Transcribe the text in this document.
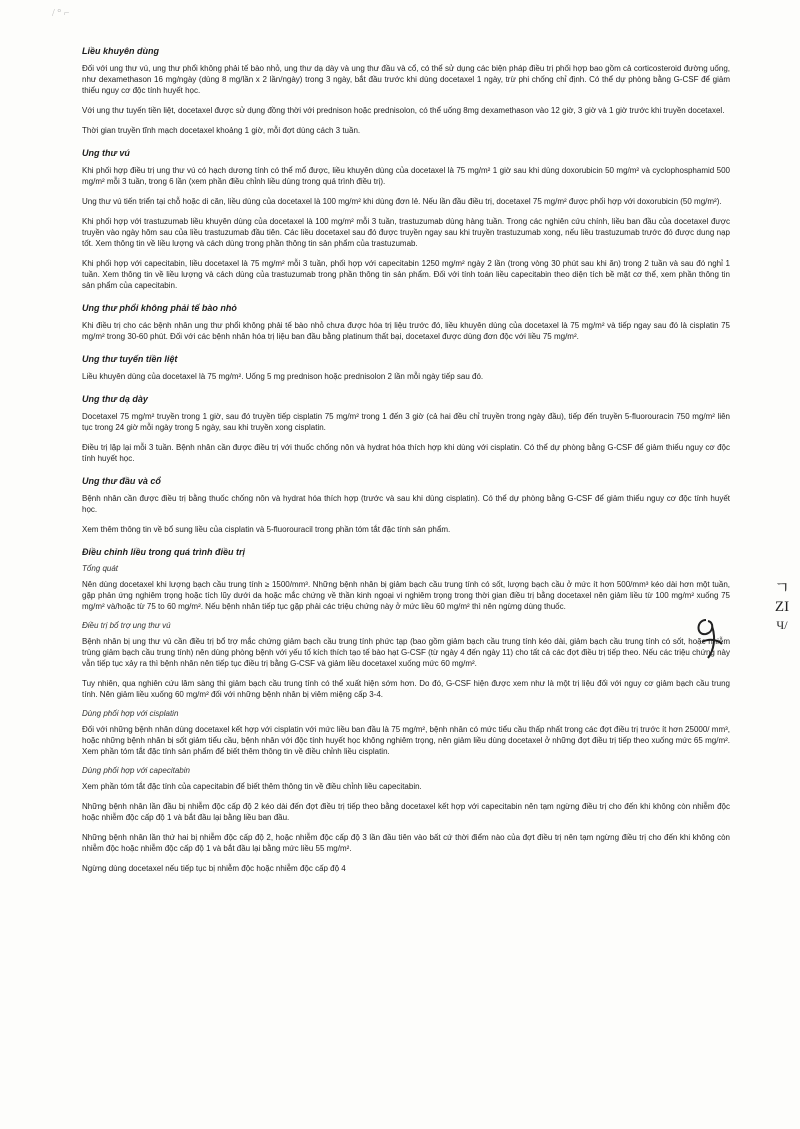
/ ° ⌐
ㄱ
ZI
Ч/
Liều khuyên dùng
Đối với ung thư vú, ung thư phổi không phải tế bào nhỏ, ung thư dạ dày và ung thư đầu và cổ, có thể sử dụng các biện pháp điều trị phối hợp bao gồm cả corticosteroid đường uống, như dexamethason 16 mg/ngày (dùng 8 mg/lần x 2 lần/ngày) trong 3 ngày, bắt đầu trước khi dùng docetaxel 1 ngày, trừ phi chống chỉ định. Có thể dự phòng bằng G-CSF để giảm thiểu nguy cơ độc tính huyết học.
Với ung thư tuyến tiền liệt, docetaxel được sử dụng đồng thời với prednison hoặc prednisolon, có thể uống 8mg dexamethason vào 12 giờ, 3 giờ và 1 giờ trước khi truyền docetaxel.
Thời gian truyền tĩnh mạch docetaxel khoảng 1 giờ, mỗi đợt dùng cách 3 tuần.
Ung thư vú
Khi phối hợp điều trị ung thư vú có hạch dương tính có thể mổ được, liều khuyên dùng của docetaxel là 75 mg/m² 1 giờ sau khi dùng doxorubicin 50 mg/m² và cyclophosphamid 500 mg/m² mỗi 3 tuần, trong 6 lần (xem phần điều chỉnh liều dùng trong quá trình điều trị).
Ung thư vú tiến triển tại chỗ hoặc di căn, liều dùng của docetaxel là 100 mg/m² khi dùng đơn lẻ. Nếu lần đầu điều trị, docetaxel 75 mg/m² được phối hợp với doxorubicin (50 mg/m²).
Khi phối hợp với trastuzumab liều khuyên dùng của docetaxel là 100 mg/m² mỗi 3 tuần, trastuzumab dùng hàng tuần. Trong các nghiên cứu chính, liều ban đầu của docetaxel được truyền vào ngày hôm sau của liều trastuzumab đầu tiên. Các liều docetaxel sau đó được truyền ngay sau khi truyền trastuzumab xong, nếu liều trastuzumab trước đó được dung nạp tốt. Xem thông tin về liều lượng và cách dùng trong phần thông tin sản phẩm của trastuzumab.
Khi phối hợp với capecitabin, liều docetaxel là 75 mg/m² mỗi 3 tuần, phối hợp với capecitabin 1250 mg/m² ngày 2 lần (trong vòng 30 phút sau khi ăn) trong 2 tuần và sau đó nghỉ 1 tuần. Xem thông tin về liều lượng và cách dùng của trastuzumab trong phần thông tin sản phẩm. Đối với tính toán liều capecitabin theo diện tích bề mặt cơ thể, xem phần thông tin sản phẩm của capecitabin.
Ung thư phổi không phải tế bào nhỏ
Khi điều trị cho các bệnh nhân ung thư phổi không phải tế bào nhỏ chưa được hóa trị liệu trước đó, liều khuyên dùng của docetaxel là 75 mg/m² và tiếp ngay sau đó là cisplatin 75 mg/m² trong 30-60 phút. Đối với các bệnh nhân hóa trị liệu ban đầu bằng platinum thất bại, docetaxel được dùng đơn độc với liều 75 mg/m².
Ung thư tuyến tiền liệt
Liều khuyên dùng của docetaxel là 75 mg/m². Uống 5 mg prednison hoặc prednisolon 2 lần mỗi ngày tiếp sau đó.
Ung thư dạ dày
Docetaxel 75 mg/m² truyền trong 1 giờ, sau đó truyền tiếp cisplatin 75 mg/m² trong 1 đến 3 giờ (cả hai đều chỉ truyền trong ngày đầu), tiếp đến truyền 5-fluorouracin 750 mg/m² liên tục trong 24 giờ mỗi ngày trong 5 ngày, sau khi truyền xong cisplatin.
Điều trị lặp lại mỗi 3 tuần. Bệnh nhân cần được điều trị với thuốc chống nôn và hydrat hóa thích hợp khi dùng với cisplatin. Có thể dự phòng bằng G-CSF để giảm thiểu nguy cơ độc tính huyết học.
Ung thư đầu và cổ
Bệnh nhân cần được điều trị bằng thuốc chống nôn và hydrat hóa thích hợp (trước và sau khi dùng cisplatin). Có thể dự phòng bằng G-CSF để giảm thiểu nguy cơ độc tính huyết học.
Xem thêm thông tin về bổ sung liều của cisplatin và 5-fluorouracil trong phần tóm tắt đặc tính sản phẩm.
Điều chỉnh liều trong quá trình điều trị
Tổng quát
Nên dùng docetaxel khi lượng bạch cầu trung tính ≥ 1500/mm³. Những bệnh nhân bị giảm bạch cầu trung tính có sốt, lượng bạch cầu ở mức ít hơn 500/mm³ kéo dài hơn một tuần, gặp phản ứng nghiêm trọng hoặc tích lũy dưới da hoặc mắc chứng về thần kinh ngoại vi nghiêm trọng trong thời gian điều trị bằng docetaxel nên giảm liều từ 100 mg/m² xuống 75 mg/m² và/hoặc từ 75 to 60 mg/m². Nếu bệnh nhân tiếp tục gặp phải các triệu chứng này ở mức liều 60 mg/m² thì nên ngừng dùng thuốc.
Điều trị bổ trợ ung thư vú
Bệnh nhân bị ung thư vú cần điều trị bổ trợ mắc chứng giảm bạch cầu trung tính phức tạp (bao gồm giảm bạch cầu trung tính kéo dài, giảm bạch cầu trung tính có sốt, hoặc nhiễm trùng giảm bạch cầu trung tính) nên dùng phòng bệnh với yếu tố kích thích tạo tế bào hạt G-CSF (từ ngày 4 đến ngày 11) cho tất cả các đợt điều trị tiếp theo. Nếu các triệu chứng này vẫn tiếp tục xảy ra thì bệnh nhân nên tiếp tục điều trị bằng G-CSF và giảm liều docetaxel xuống mức 60 mg/m².
Tuy nhiên, qua nghiên cứu lâm sàng thì giảm bạch cầu trung tính có thể xuất hiện sớm hơn. Do đó, G-CSF hiện được xem như là một trị liệu đối với nguy cơ giảm bạch cầu trung tính. Nên giảm liều xuống 60 mg/m² đối với những bệnh nhân bị viêm miệng cấp 3-4.
Dùng phối hợp với cisplatin
Đối với những bệnh nhân dùng docetaxel kết hợp với cisplatin với mức liều ban đầu là 75 mg/m², bệnh nhân có mức tiểu cầu thấp nhất trong các đợt điều trị trước ít hơn 25000/ mm³, hoặc những bệnh nhân bị sốt giảm tiểu cầu, bệnh nhân với độc tính huyết học không nghiêm trọng, nên giảm liều dùng docetaxel ở những đợt điều trị tiếp theo xuống mức 65 mg/m². Xem phần tóm tắt đặc tính sản phẩm để biết thêm thông tin về điều chỉnh liều cisplatin.
Dùng phối hợp với capecitabin
Xem phần tóm tắt đặc tính của capecitabin để biết thêm thông tin về điều chỉnh liều capecitabin.
Những bệnh nhân lần đầu bị nhiễm độc cấp độ 2 kéo dài đến đợt điều trị tiếp theo bằng docetaxel kết hợp với capecitabin nên tạm ngừng điều trị cho đến khi không còn nhiễm độc hoặc nhiễm độc cấp độ 1 và bắt đầu lại bằng liều ban đầu.
Những bệnh nhân lần thứ hai bị nhiễm độc cấp độ 2, hoặc nhiễm độc cấp độ 3 lần đầu tiên vào bất cứ thời điểm nào của đợt điều trị nên tạm ngừng điều trị cho đến khi không còn nhiễm độc hoặc nhiễm độc cấp độ 1 và bắt đầu lại bằng mức liều 55 mg/m².
Ngừng dùng docetaxel nếu tiếp tục bị nhiễm độc hoặc nhiễm độc cấp độ 4
